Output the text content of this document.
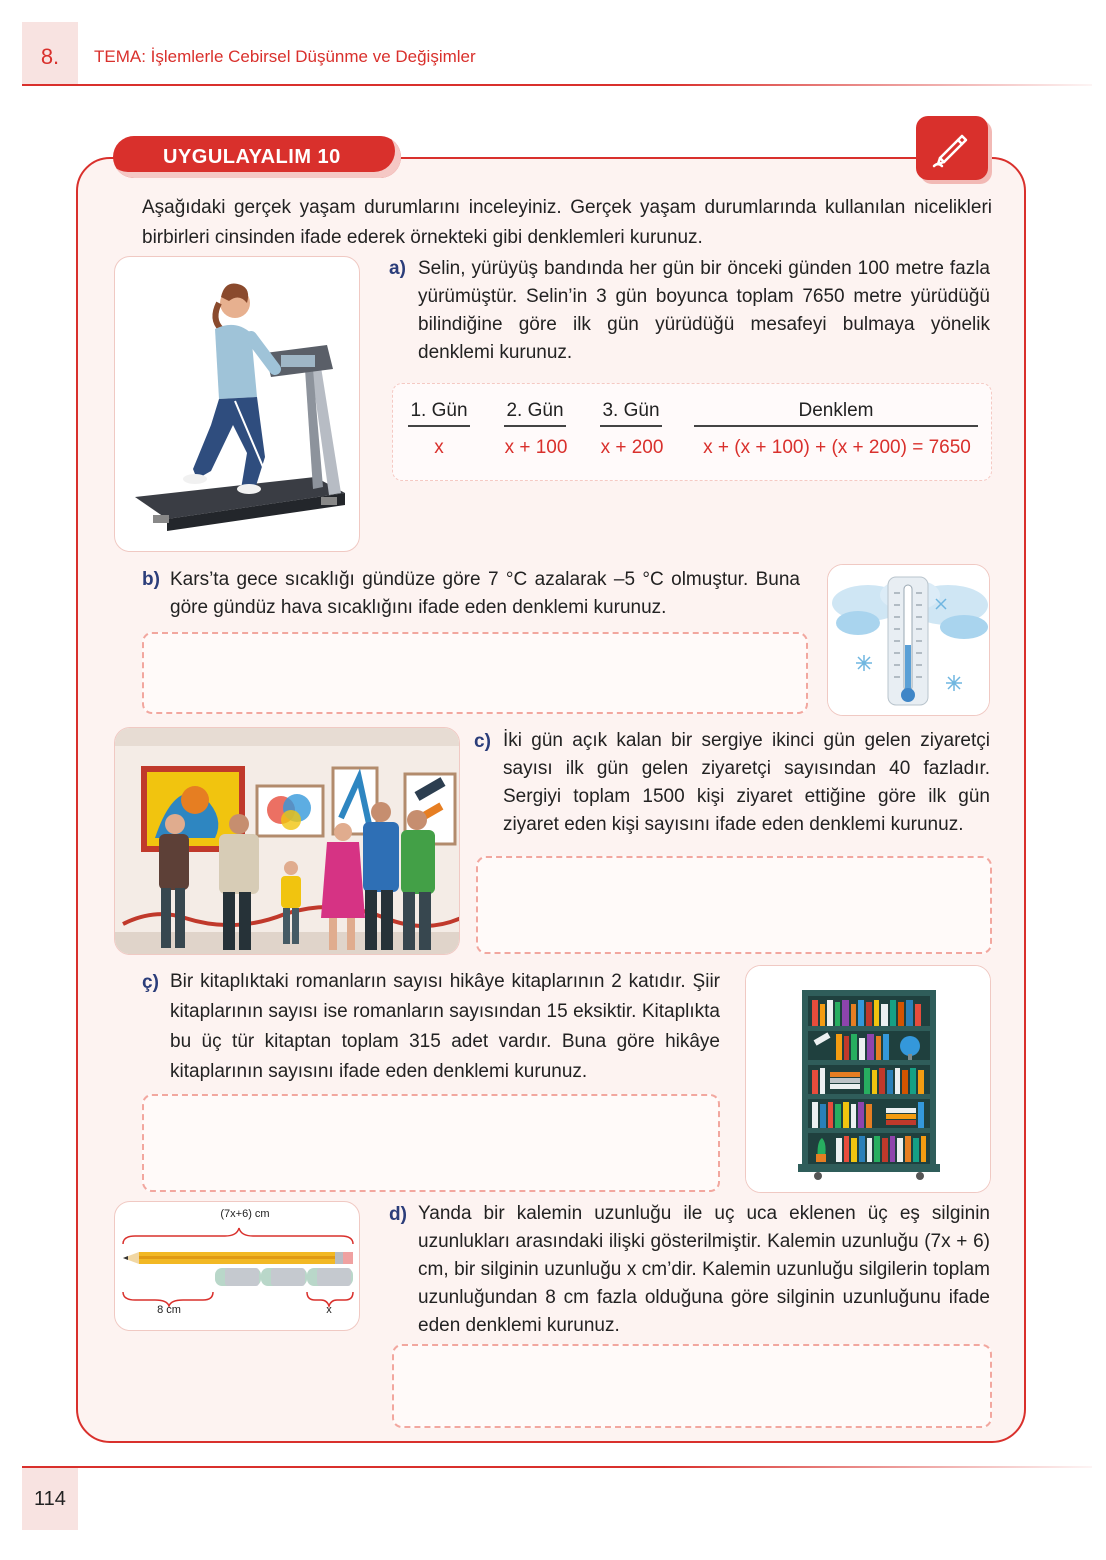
8.	TEMA: İşlemlerle Cebirsel Düşünme ve Değişimler
UYGULAYALIM 10
Aşağıdaki gerçek yaşam durumlarını inceleyiniz. Gerçek yaşam durumlarında kullanılan nicelikleri birbirleri cinsinden ifade ederek örnekteki gibi denklemleri kurunuz.
a) Selin, yürüyüş bandında her gün bir önceki günden 100 metre fazla yürümüştür. Selin’in 3 gün boyunca toplam 7650 metre yürüdüğü bilindiğine göre ilk gün yürüdüğü mesafeyi bulmaya yönelik denklemi kurunuz.
1. Gün 2. Gün 3. Gün	Denklem
x	x + 100	x + 200	x + (x + 100) + (x + 200) = 7650
b) Kars’ta gece sıcaklığı gündüze göre 7 °C azalarak –5 °C olmuştur. Buna göre gündüz hava sıcaklığını ifade eden denklemi kurunuz.
c) İki gün açık kalan bir sergiye ikinci gün gelen ziyaretçi sayısı ilk gün gelen ziyaretçi sayısından 40 fazladır. Sergiyi toplam 1500 kişi ziyaret ettiğine göre ilk gün ziyaret eden kişi sayısını ifade eden denklemi kurunuz.
ç) Bir kitaplıktaki romanların sayısı hikâye kitaplarının 2 katıdır. Şiir kitaplarının sayısı ise romanların sayısından 15 eksiktir. Kitaplıkta bu üç tür kitaptan toplam 315 adet vardır. Buna göre hikâye kitaplarının sayısını ifade eden denklemi kurunuz.
(7x+6) cm
8 cm	x
d) Yanda bir kalemin uzunluğu ile uç uca eklenen üç eş silginin uzunlukları arasındaki ilişki gösterilmiştir. Kalemin uzunluğu (7x + 6) cm, bir silginin uzunluğu x cm’dir. Kalemin uzunluğu silgilerin toplam uzunluğundan 8 cm fazla olduğuna göre silginin uzunluğunu ifade eden denklemi kurunuz.
114
